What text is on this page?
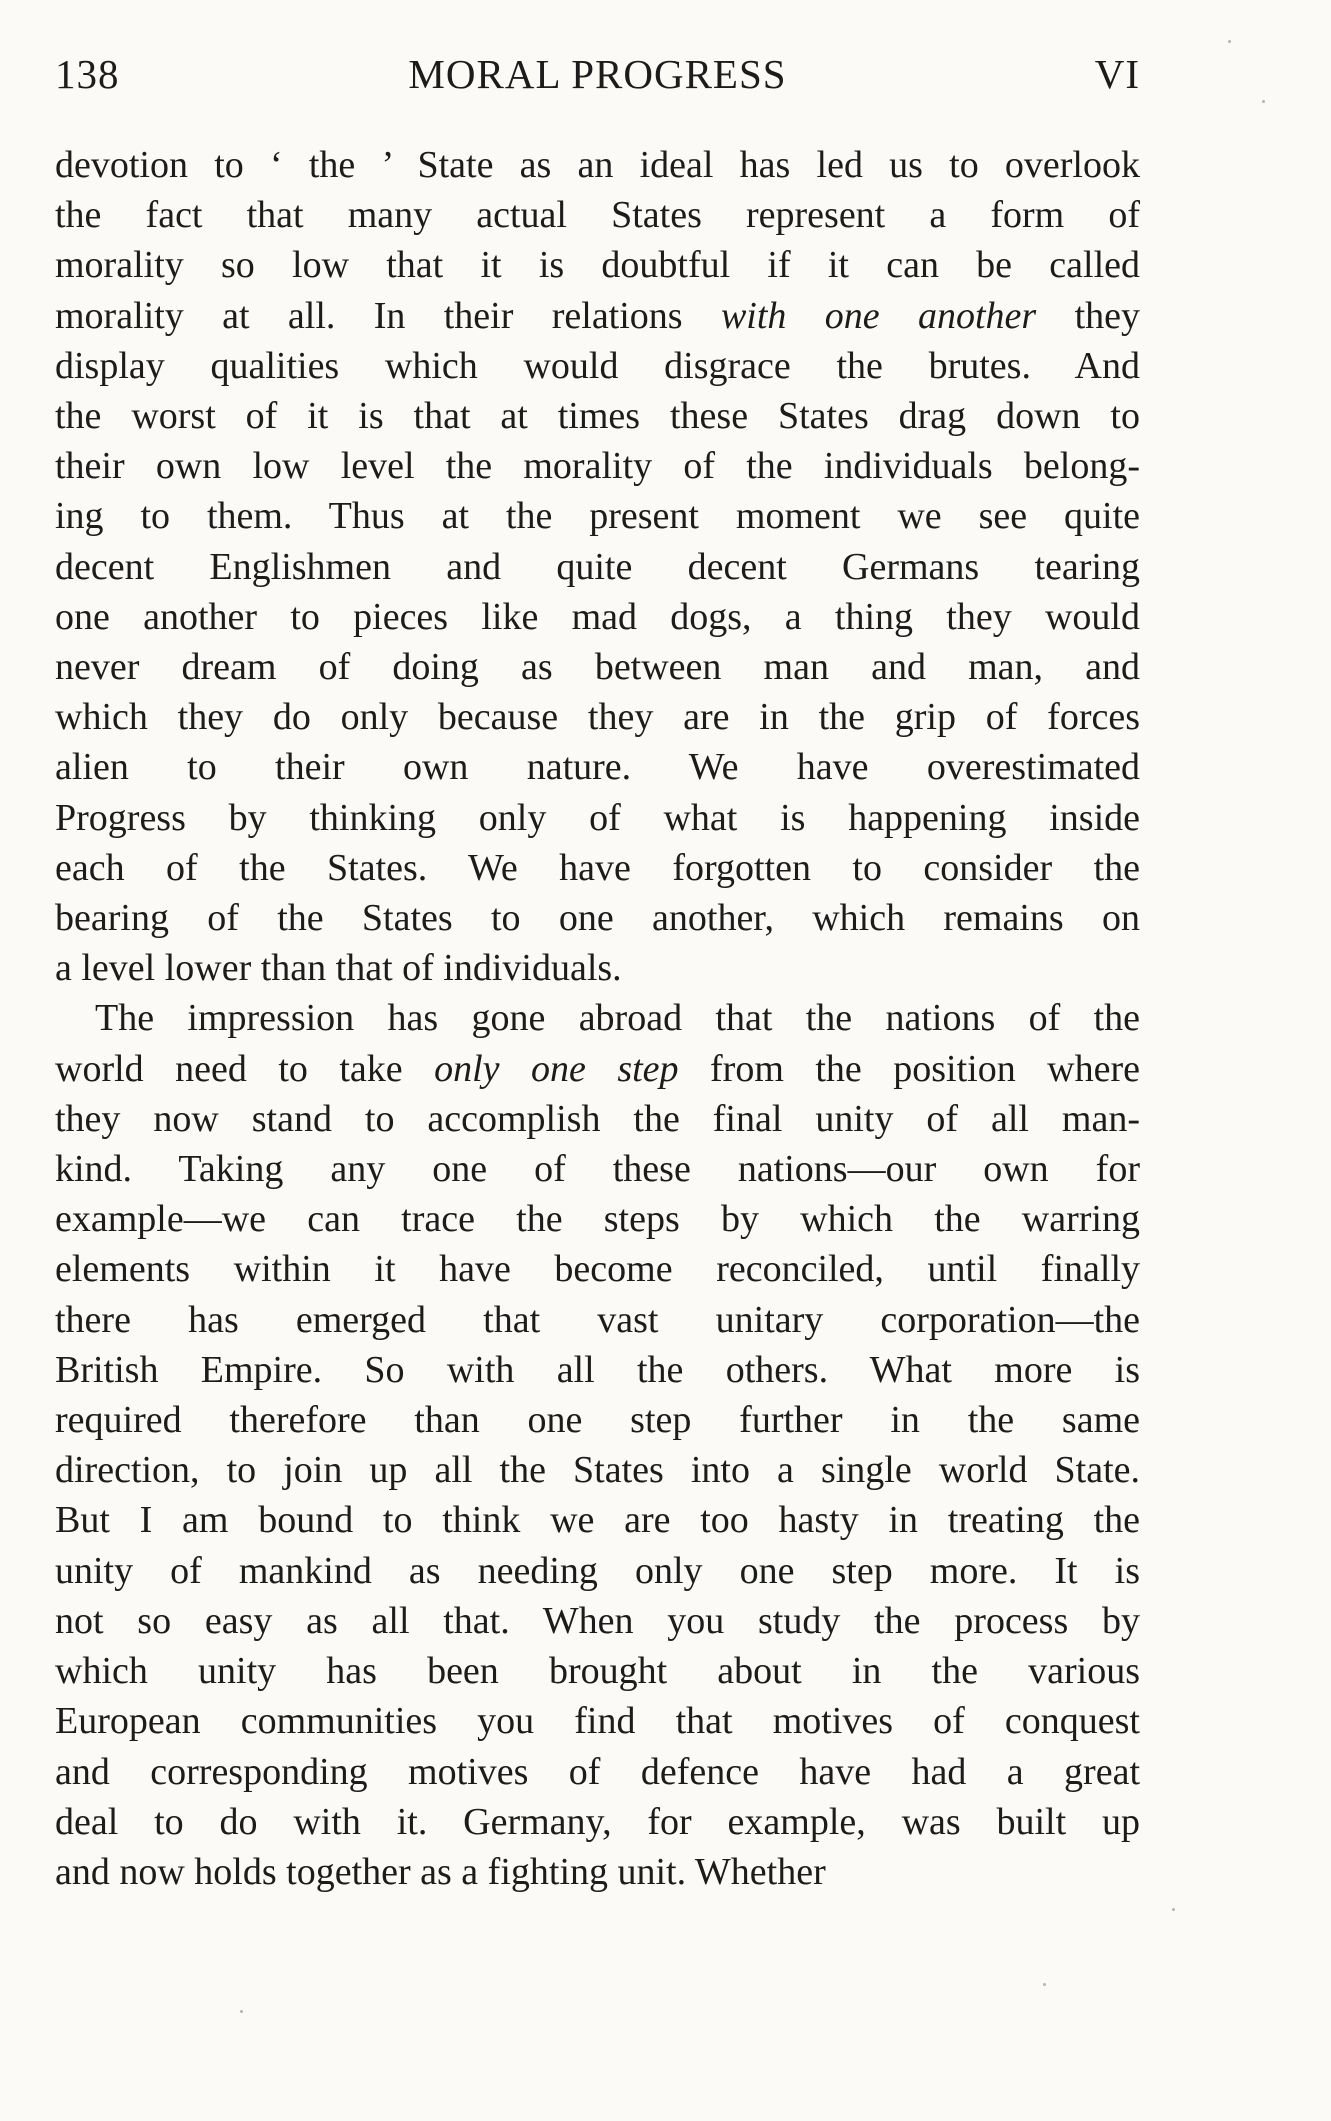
138	MORAL PROGRESS	VI
devotion to ‘ the ’ State as an ideal has led us to overlook
the fact that many actual States represent a form of
morality so low that it is doubtful if it can be called
morality at all. In their relations with one another they
display qualities which would disgrace the brutes. And
the worst of it is that at times these States drag down to
their own low level the morality of the individuals belong-
ing to them. Thus at the present moment we see quite
decent Englishmen and quite decent Germans tearing
one another to pieces like mad dogs, a thing they would
never dream of doing as between man and man, and
which they do only because they are in the grip of forces
alien to their own nature. We have overestimated
Progress by thinking only of what is happening inside
each of the States. We have forgotten to consider the
bearing of the States to one another, which remains on
a level lower than that of individuals.
The impression has gone abroad that the nations of the
world need to take only one step from the position where
they now stand to accomplish the final unity of all man-
kind. Taking any one of these nations—our own for
example—we can trace the steps by which the warring
elements within it have become reconciled, until finally
there has emerged that vast unitary corporation—the
British Empire. So with all the others. What more is
required therefore than one step further in the same
direction, to join up all the States into a single world State.
But I am bound to think we are too hasty in treating the
unity of mankind as needing only one step more. It is
not so easy as all that. When you study the process by
which unity has been brought about in the various
European communities you find that motives of conquest
and corresponding motives of defence have had a great
deal to do with it. Germany, for example, was built up
and now holds together as a fighting unit. Whether
